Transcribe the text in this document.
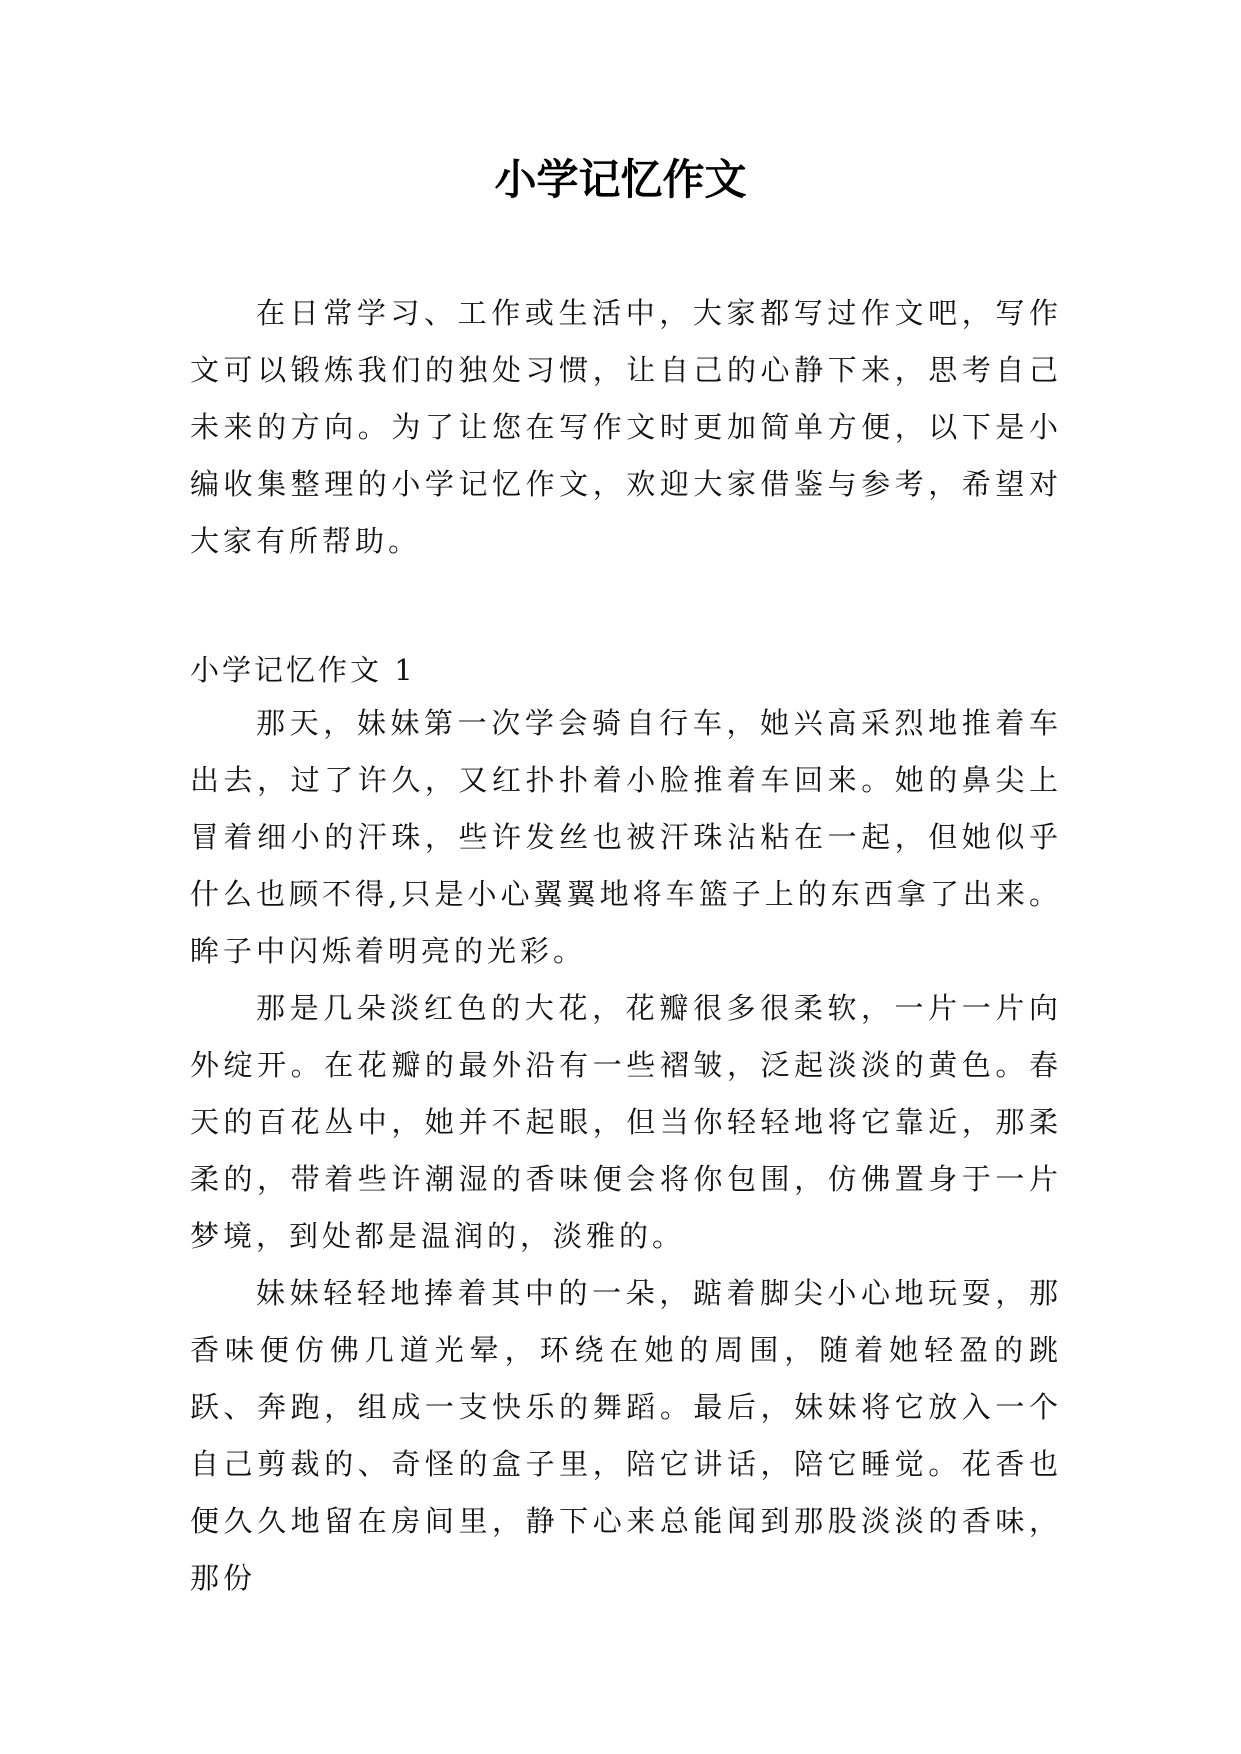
小学记忆作文

在日常学习、工作或生活中，大家都写过作文吧，写作文可以锻炼我们的独处习惯，让自己的心静下来，思考自己未来的方向。为了让您在写作文时更加简单方便，以下是小编收集整理的小学记忆作文，欢迎大家借鉴与参考，希望对大家有所帮助。

小学记忆作文 1

那天，妹妹第一次学会骑自行车，她兴高采烈地推着车出去，过了许久，又红扑扑着小脸推着车回来。她的鼻尖上冒着细小的汗珠，些许发丝也被汗珠沾粘在一起，但她似乎什么也顾不得,只是小心翼翼地将车篮子上的东西拿了出来。眸子中闪烁着明亮的光彩。

那是几朵淡红色的大花，花瓣很多很柔软，一片一片向外绽开。在花瓣的最外沿有一些褶皱，泛起淡淡的黄色。春天的百花丛中，她并不起眼，但当你轻轻地将它靠近，那柔柔的，带着些许潮湿的香味便会将你包围，仿佛置身于一片梦境，到处都是温润的，淡雅的。

妹妹轻轻地捧着其中的一朵，踮着脚尖小心地玩耍，那香味便仿佛几道光晕，环绕在她的周围，随着她轻盈的跳跃、奔跑，组成一支快乐的舞蹈。最后，妹妹将它放入一个自己剪裁的、奇怪的盒子里，陪它讲话，陪它睡觉。花香也便久久地留在房间里，静下心来总能闻到那股淡淡的香味，那份
